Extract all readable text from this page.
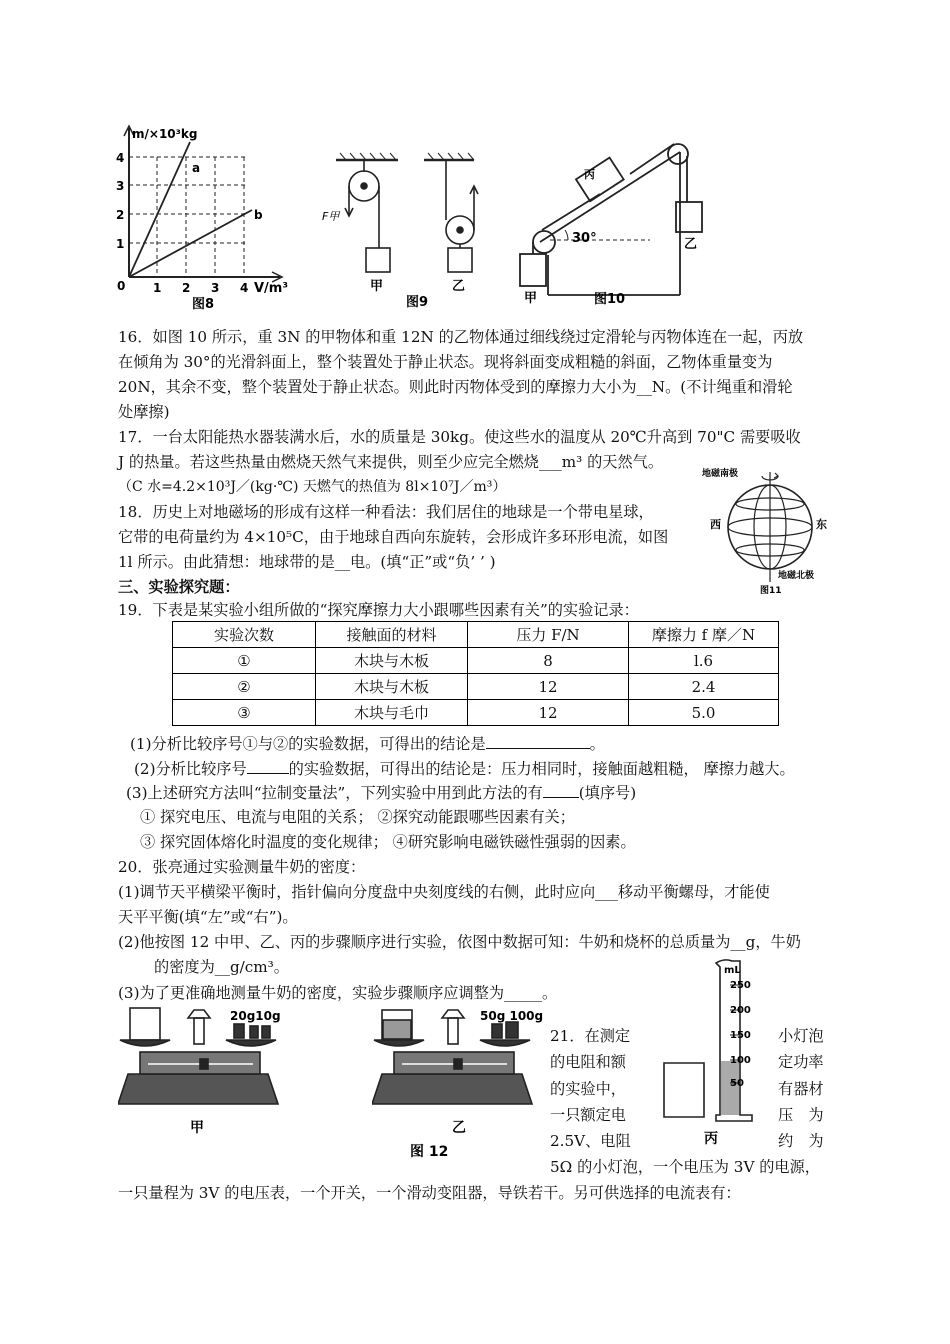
m/×10³kg
a
b
4
3
2
1
0 1 2 3 4 V/m³
图8
F甲
甲	乙
图9
丙
30°	乙
甲	图10
16．如图 10 所示，重 3N 的甲物体和重 12N 的乙物体通过细线绕过定滑轮与丙物体连在一起，丙放
在倾角为 30°的光滑斜面上，整个装置处于静止状态。现将斜面变成粗糙的斜面，乙物体重量变为
20N，其余不变，整个装置处于静止状态。则此时丙物体受到的摩擦力大小为__N。(不计绳重和滑轮
处摩擦)
17．一台太阳能热水器装满水后，水的质量是 30kg。使这些水的温度从 20℃升高到 70"C 需要吸收
J 的热量。若这些热量由燃烧天然气来提供，则至少应完全燃烧___m³ 的天然气。
（C 水=4.2×10³J／(kg·℃) 天燃气的热值为 8l×10⁷J／m³）
18．历史上对地磁场的形成有这样一种看法：我们居住的地球是一个带电星球，
它带的电荷量约为 4×10⁵C，由于地球自西向东旋转，会形成许多环形电流，如图
1l 所示。由此猜想：地球带的是__电。(填“正”或“负’ ’ )
地磁南极
西	东
地磁北极
图11
三、实验探究题：
19．下表是某实验小组所做的“探究摩擦力大小跟哪些因素有关”的实验记录：
实验次数	接触面的材料	压力 F/N	摩擦力 f 摩／N
①	木块与木板	8	l.6
②	木块与木板	12	2.4
③	木块与毛巾	12	5.0
(1)分析比较序号①与②的实验数据，可得出的结论是	。
(2)分析比较序号	的实验数据，可得出的结论是：压力相同时，接触面越粗糙， 摩擦力越大。
(3)上述研究方法叫“拉制变量法”，下列实验中用到此方法的有 (填序号)
① 探究电压、电流与电阻的关系； ②探究动能跟哪些因素有关；
③ 探究固体熔化时温度的变化规律； ④研究影响电磁铁磁性强弱的因素。
20．张亮通过实验测量牛奶的密度：
(1)调节天平横梁平衡时，指针偏向分度盘中央刻度线的右侧，此时应向___移动平衡螺母，才能使
天平平衡(填“左”或“右”)。
(2)他按图 12 中甲、乙、丙的步骤顺序进行实验，依图中数据可知：牛奶和烧杯的总质量为__g，牛奶
的密度为__g/cm³。
(3)为了更准确地测量牛奶的密度，实验步骤顺序应调整为_____。
20g10g
甲
50g 100g
乙
图 12
mL
250
200
150
100
50
丙
21．在测定
的电阻和额
的实验中，
一只额定电
2.5V、电阻
5Ω 的小灯泡，一个电压为 3V 的电源，
小灯泡
定功率
有器材
压　为
约　为
一只量程为 3V 的电压表，一个开关，一个滑动变阻器，导铁若干。另可供选择的电流表有：
